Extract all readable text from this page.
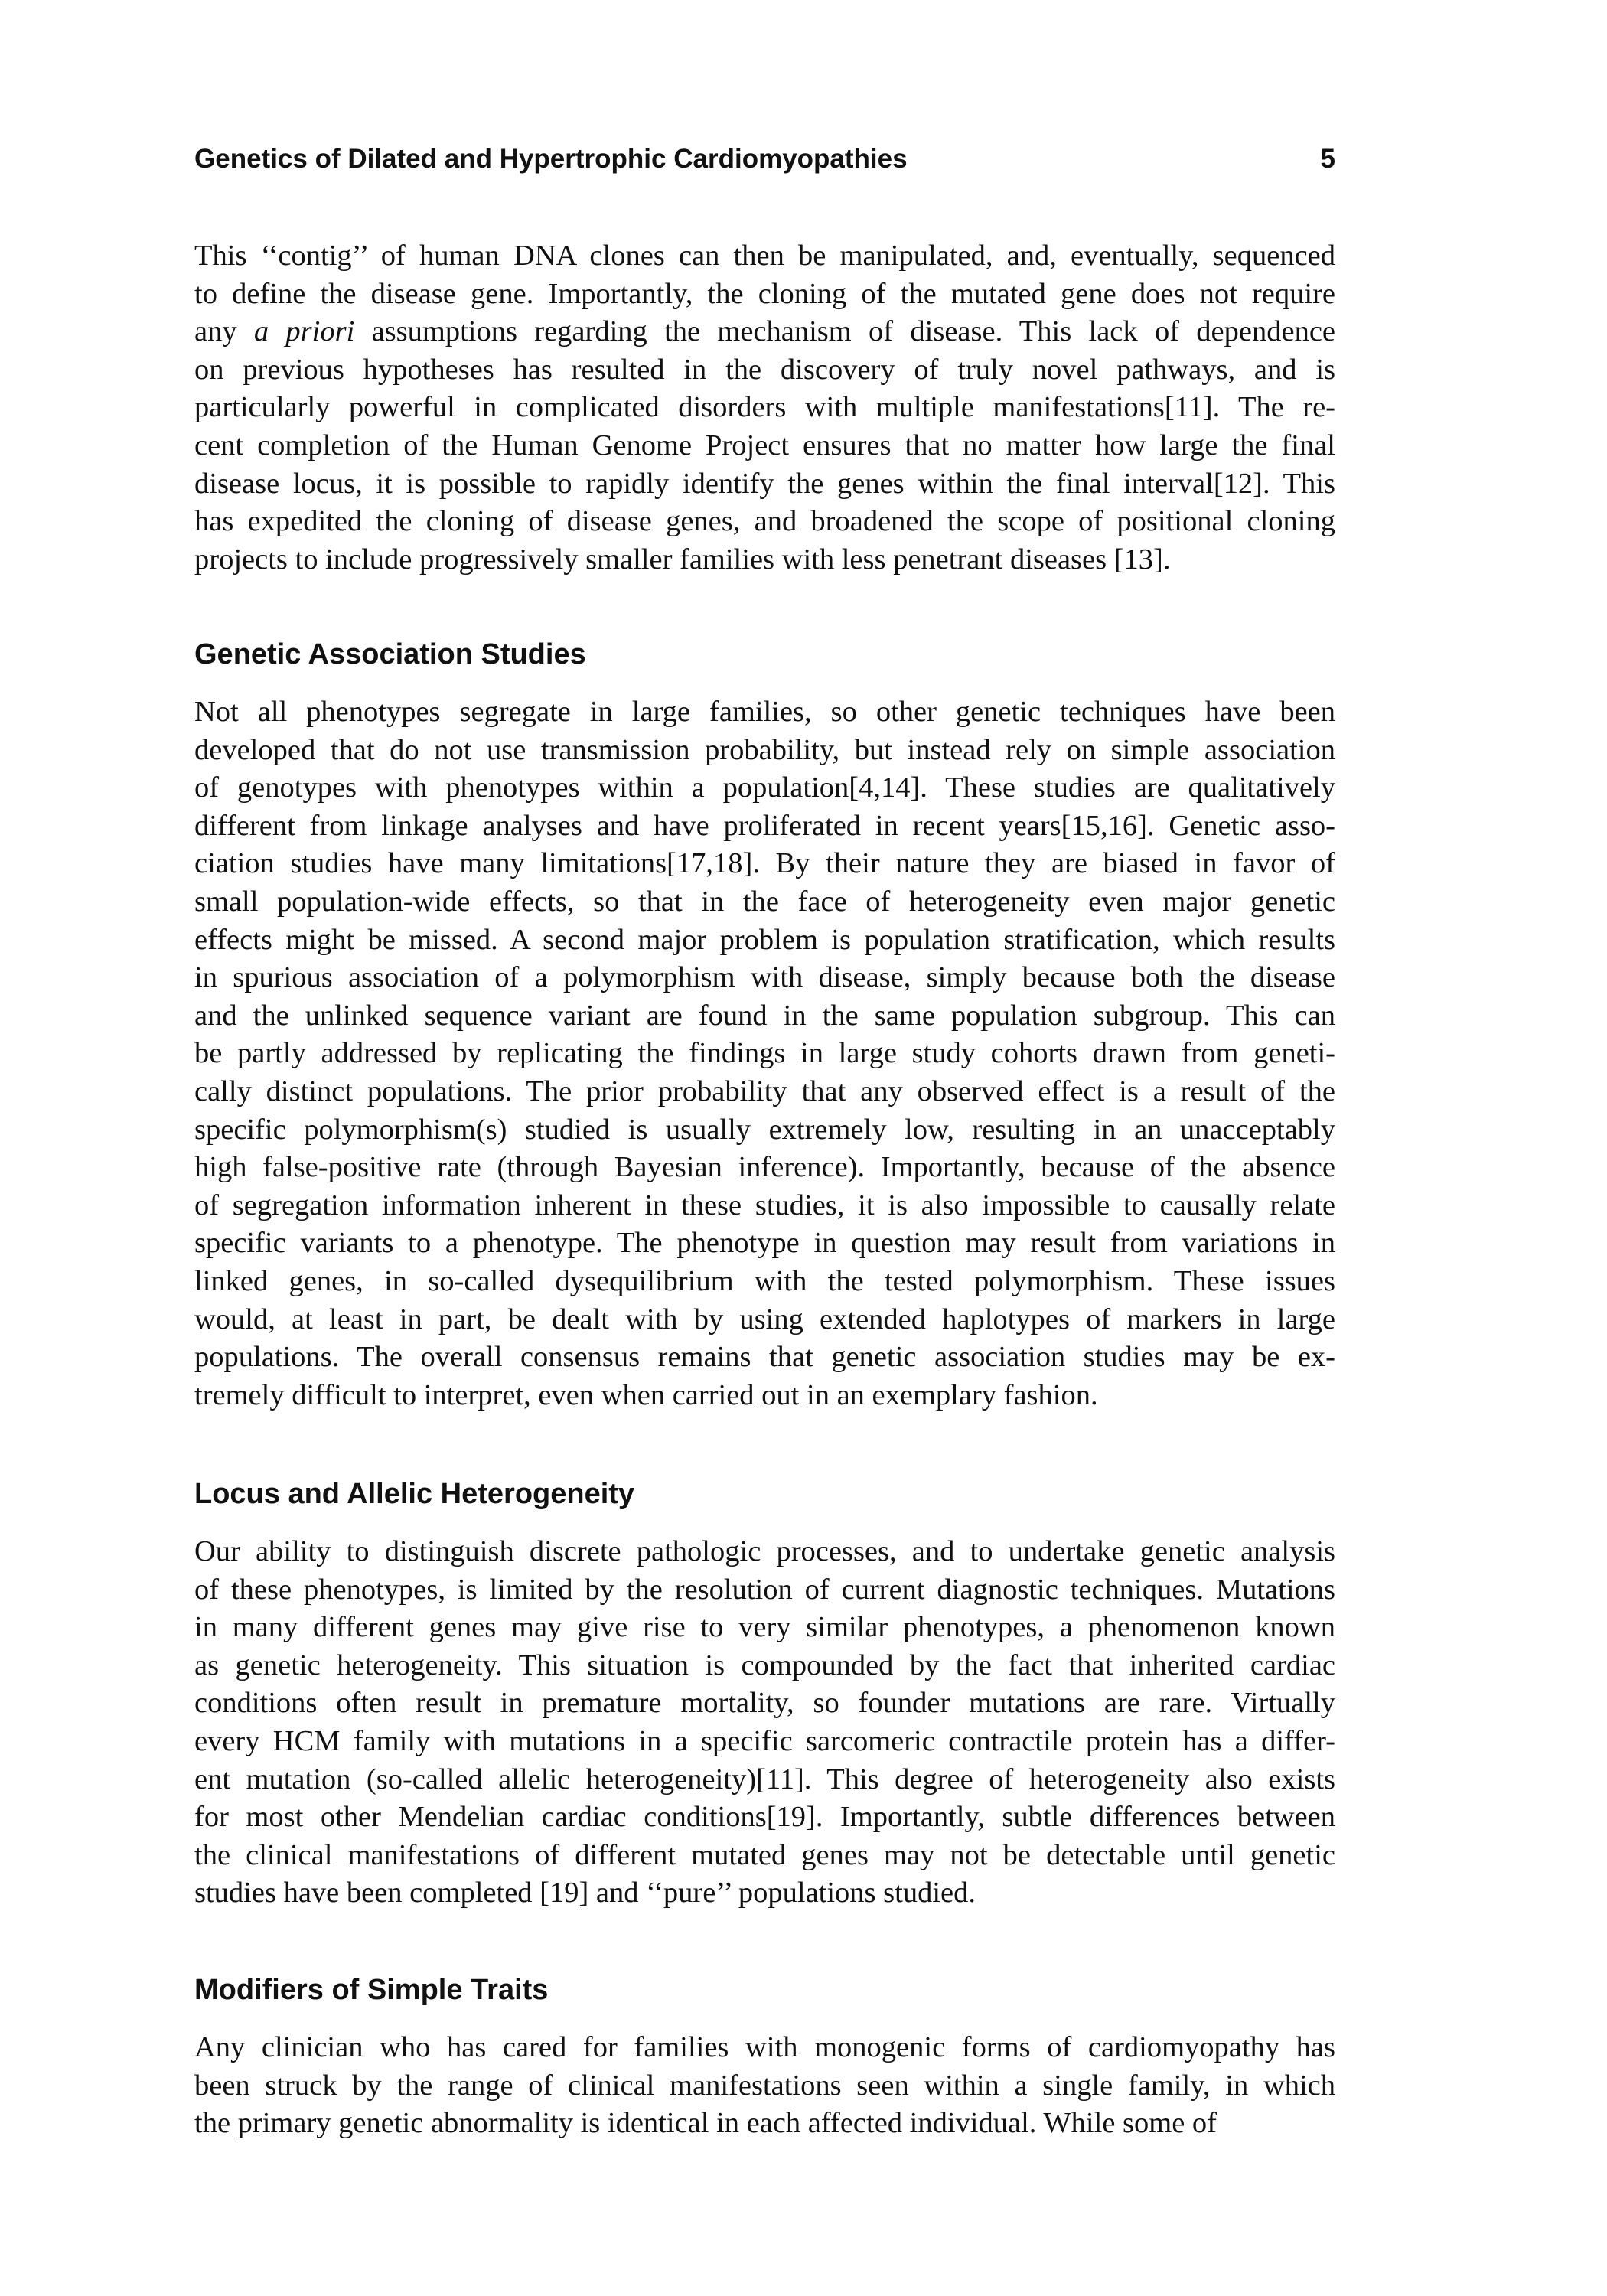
Genetics of Dilated and Hypertrophic Cardiomyopathies	5
This ‘‘contig’’ of human DNA clones can then be manipulated, and, eventually, sequenced
to define the disease gene. Importantly, the cloning of the mutated gene does not require
any a priori assumptions regarding the mechanism of disease. This lack of dependence
on previous hypotheses has resulted in the discovery of truly novel pathways, and is
particularly powerful in complicated disorders with multiple manifestations[11]. The re-
cent completion of the Human Genome Project ensures that no matter how large the final
disease locus, it is possible to rapidly identify the genes within the final interval[12]. This
has expedited the cloning of disease genes, and broadened the scope of positional cloning
projects to include progressively smaller families with less penetrant diseases [13].
Genetic Association Studies
Not all phenotypes segregate in large families, so other genetic techniques have been
developed that do not use transmission probability, but instead rely on simple association
of genotypes with phenotypes within a population[4,14]. These studies are qualitatively
different from linkage analyses and have proliferated in recent years[15,16]. Genetic asso-
ciation studies have many limitations[17,18]. By their nature they are biased in favor of
small population-wide effects, so that in the face of heterogeneity even major genetic
effects might be missed. A second major problem is population stratification, which results
in spurious association of a polymorphism with disease, simply because both the disease
and the unlinked sequence variant are found in the same population subgroup. This can
be partly addressed by replicating the findings in large study cohorts drawn from geneti-
cally distinct populations. The prior probability that any observed effect is a result of the
specific polymorphism(s) studied is usually extremely low, resulting in an unacceptably
high false-positive rate (through Bayesian inference). Importantly, because of the absence
of segregation information inherent in these studies, it is also impossible to causally relate
specific variants to a phenotype. The phenotype in question may result from variations in
linked genes, in so-called dysequilibrium with the tested polymorphism. These issues
would, at least in part, be dealt with by using extended haplotypes of markers in large
populations. The overall consensus remains that genetic association studies may be ex-
tremely difficult to interpret, even when carried out in an exemplary fashion.
Locus and Allelic Heterogeneity
Our ability to distinguish discrete pathologic processes, and to undertake genetic analysis
of these phenotypes, is limited by the resolution of current diagnostic techniques. Mutations
in many different genes may give rise to very similar phenotypes, a phenomenon known
as genetic heterogeneity. This situation is compounded by the fact that inherited cardiac
conditions often result in premature mortality, so founder mutations are rare. Virtually
every HCM family with mutations in a specific sarcomeric contractile protein has a differ-
ent mutation (so-called allelic heterogeneity)[11]. This degree of heterogeneity also exists
for most other Mendelian cardiac conditions[19]. Importantly, subtle differences between
the clinical manifestations of different mutated genes may not be detectable until genetic
studies have been completed [19] and ‘‘pure’’ populations studied.
Modifiers of Simple Traits
Any clinician who has cared for families with monogenic forms of cardiomyopathy has
been struck by the range of clinical manifestations seen within a single family, in which
the primary genetic abnormality is identical in each affected individual. While some of
